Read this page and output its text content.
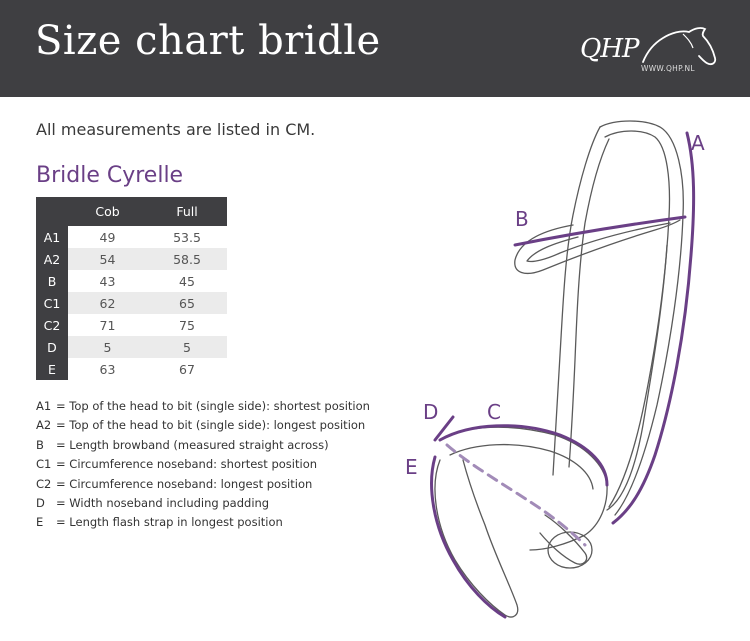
Size chart bridle	QHP
WWW.QHP.NL
All measurements are listed in CM.
Bridle Cyrelle
	Cob	Full
A1	49	53.5
A2	54	58.5
B	43	45
C1	62	65
C2	71	75
D	5	5
E	63	67
A1 = Top of the head to bit (single side): shortest position
A2 = Top of the head to bit (single side): longest position
B = Length browband (measured straight across)
C1 = Circumference noseband: shortest position
C2 = Circumference noseband: longest position
D = Width noseband including padding
E = Length flash strap in longest position
A
B
C
D
E
